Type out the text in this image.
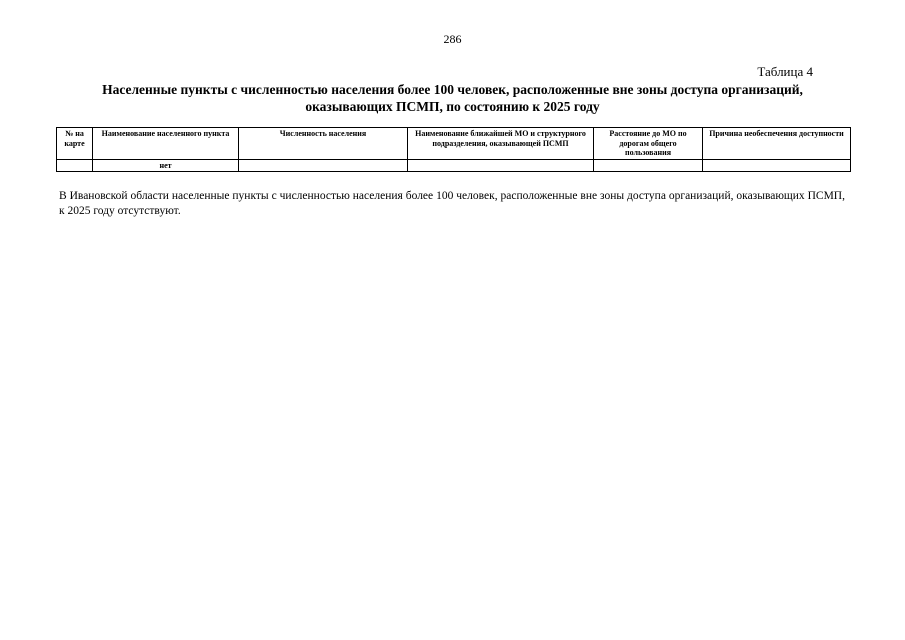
286
Таблица 4
Населенные пункты с численностью населения более 100 человек, расположенные вне зоны доступа организаций,
оказывающих ПСМП, по состоянию к 2025 году
№ на карте	Наименование населенного пункта	Численность населения	Наименование ближайшей МО и структурного подразделения, оказывающей ПСМП	Расстояние до МО по дорогам общего пользования	Причина необеспечения доступности
	нет				
В Ивановской области населенные пункты с численностью населения более 100 человек, расположенные вне зоны доступа организаций, оказывающих ПСМП, к 2025 году отсутствуют.
